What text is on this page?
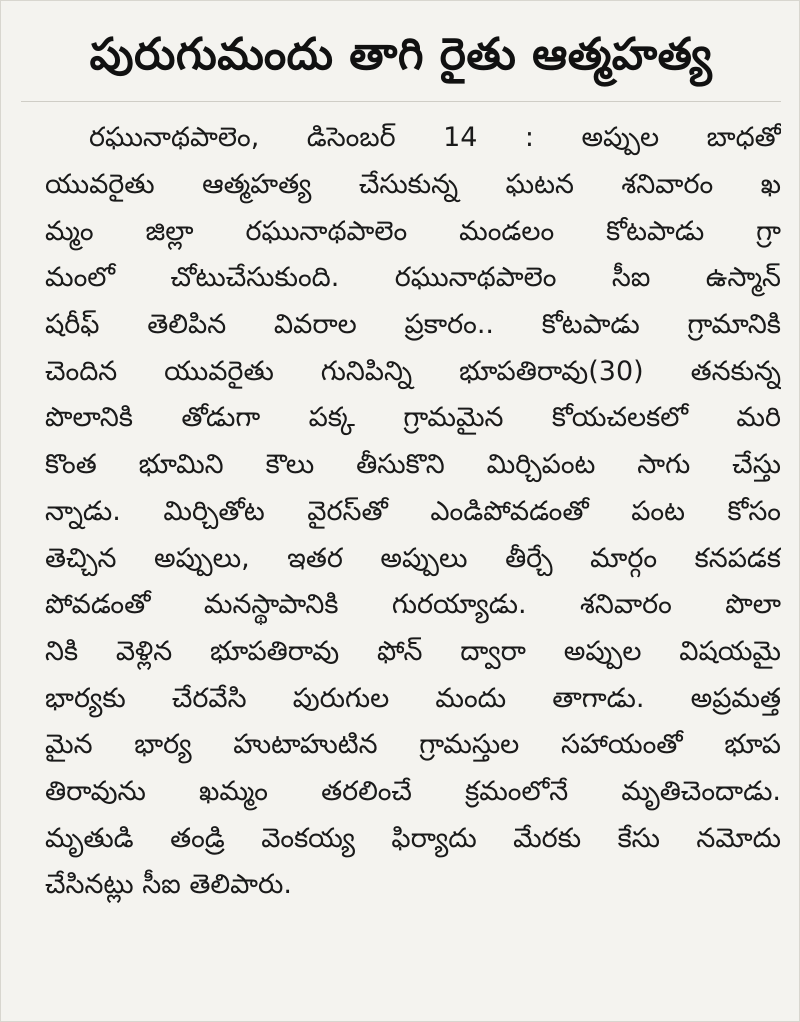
పురుగుమందు తాగి రైతు ఆత్మహత్య
రఘునాథపాలెం, డిసెంబర్ 14 : అప్పుల బాధతో
యువరైతు ఆత్మహత్య చేసుకున్న ఘటన శనివారం ఖ
మ్మం జిల్లా రఘునాథపాలెం మండలం కోటపాడు గ్రా
మంలో చోటుచేసుకుంది. రఘునాథపాలెం సీఐ ఉస్మాన్
షరీఫ్ తెలిపిన వివరాల ప్రకారం.. కోటపాడు గ్రామానికి
చెందిన యువరైతు గునిపిన్ని భూపతిరావు(30) తనకున్న
పొలానికి తోడుగా పక్క గ్రామమైన కోయచలకలో మరి
కొంత భూమిని కౌలు తీసుకొని మిర్చిపంట సాగు చేస్తు
న్నాడు. మిర్చితోట వైరస్‌తో ఎండిపోవడంతో పంట కోసం
తెచ్చిన అప్పులు, ఇతర అప్పులు తీర్చే మార్గం కనపడక
పోవడంతో మనస్థాపానికి గురయ్యాడు. శనివారం పొలా
నికి వెళ్లిన భూపతిరావు ఫోన్ ద్వారా అప్పుల విషయమై
భార్యకు చేరవేసి పురుగుల మందు తాగాడు. అప్రమత్త
మైన భార్య హుటాహుటిన గ్రామస్తుల సహాయంతో భూప
తిరావును ఖమ్మం తరలించే క్రమంలోనే మృతిచెందాడు.
మృతుడి తండ్రి వెంకయ్య ఫిర్యాదు మేరకు కేసు నమోదు
చేసినట్లు సీఐ తెలిపారు.
